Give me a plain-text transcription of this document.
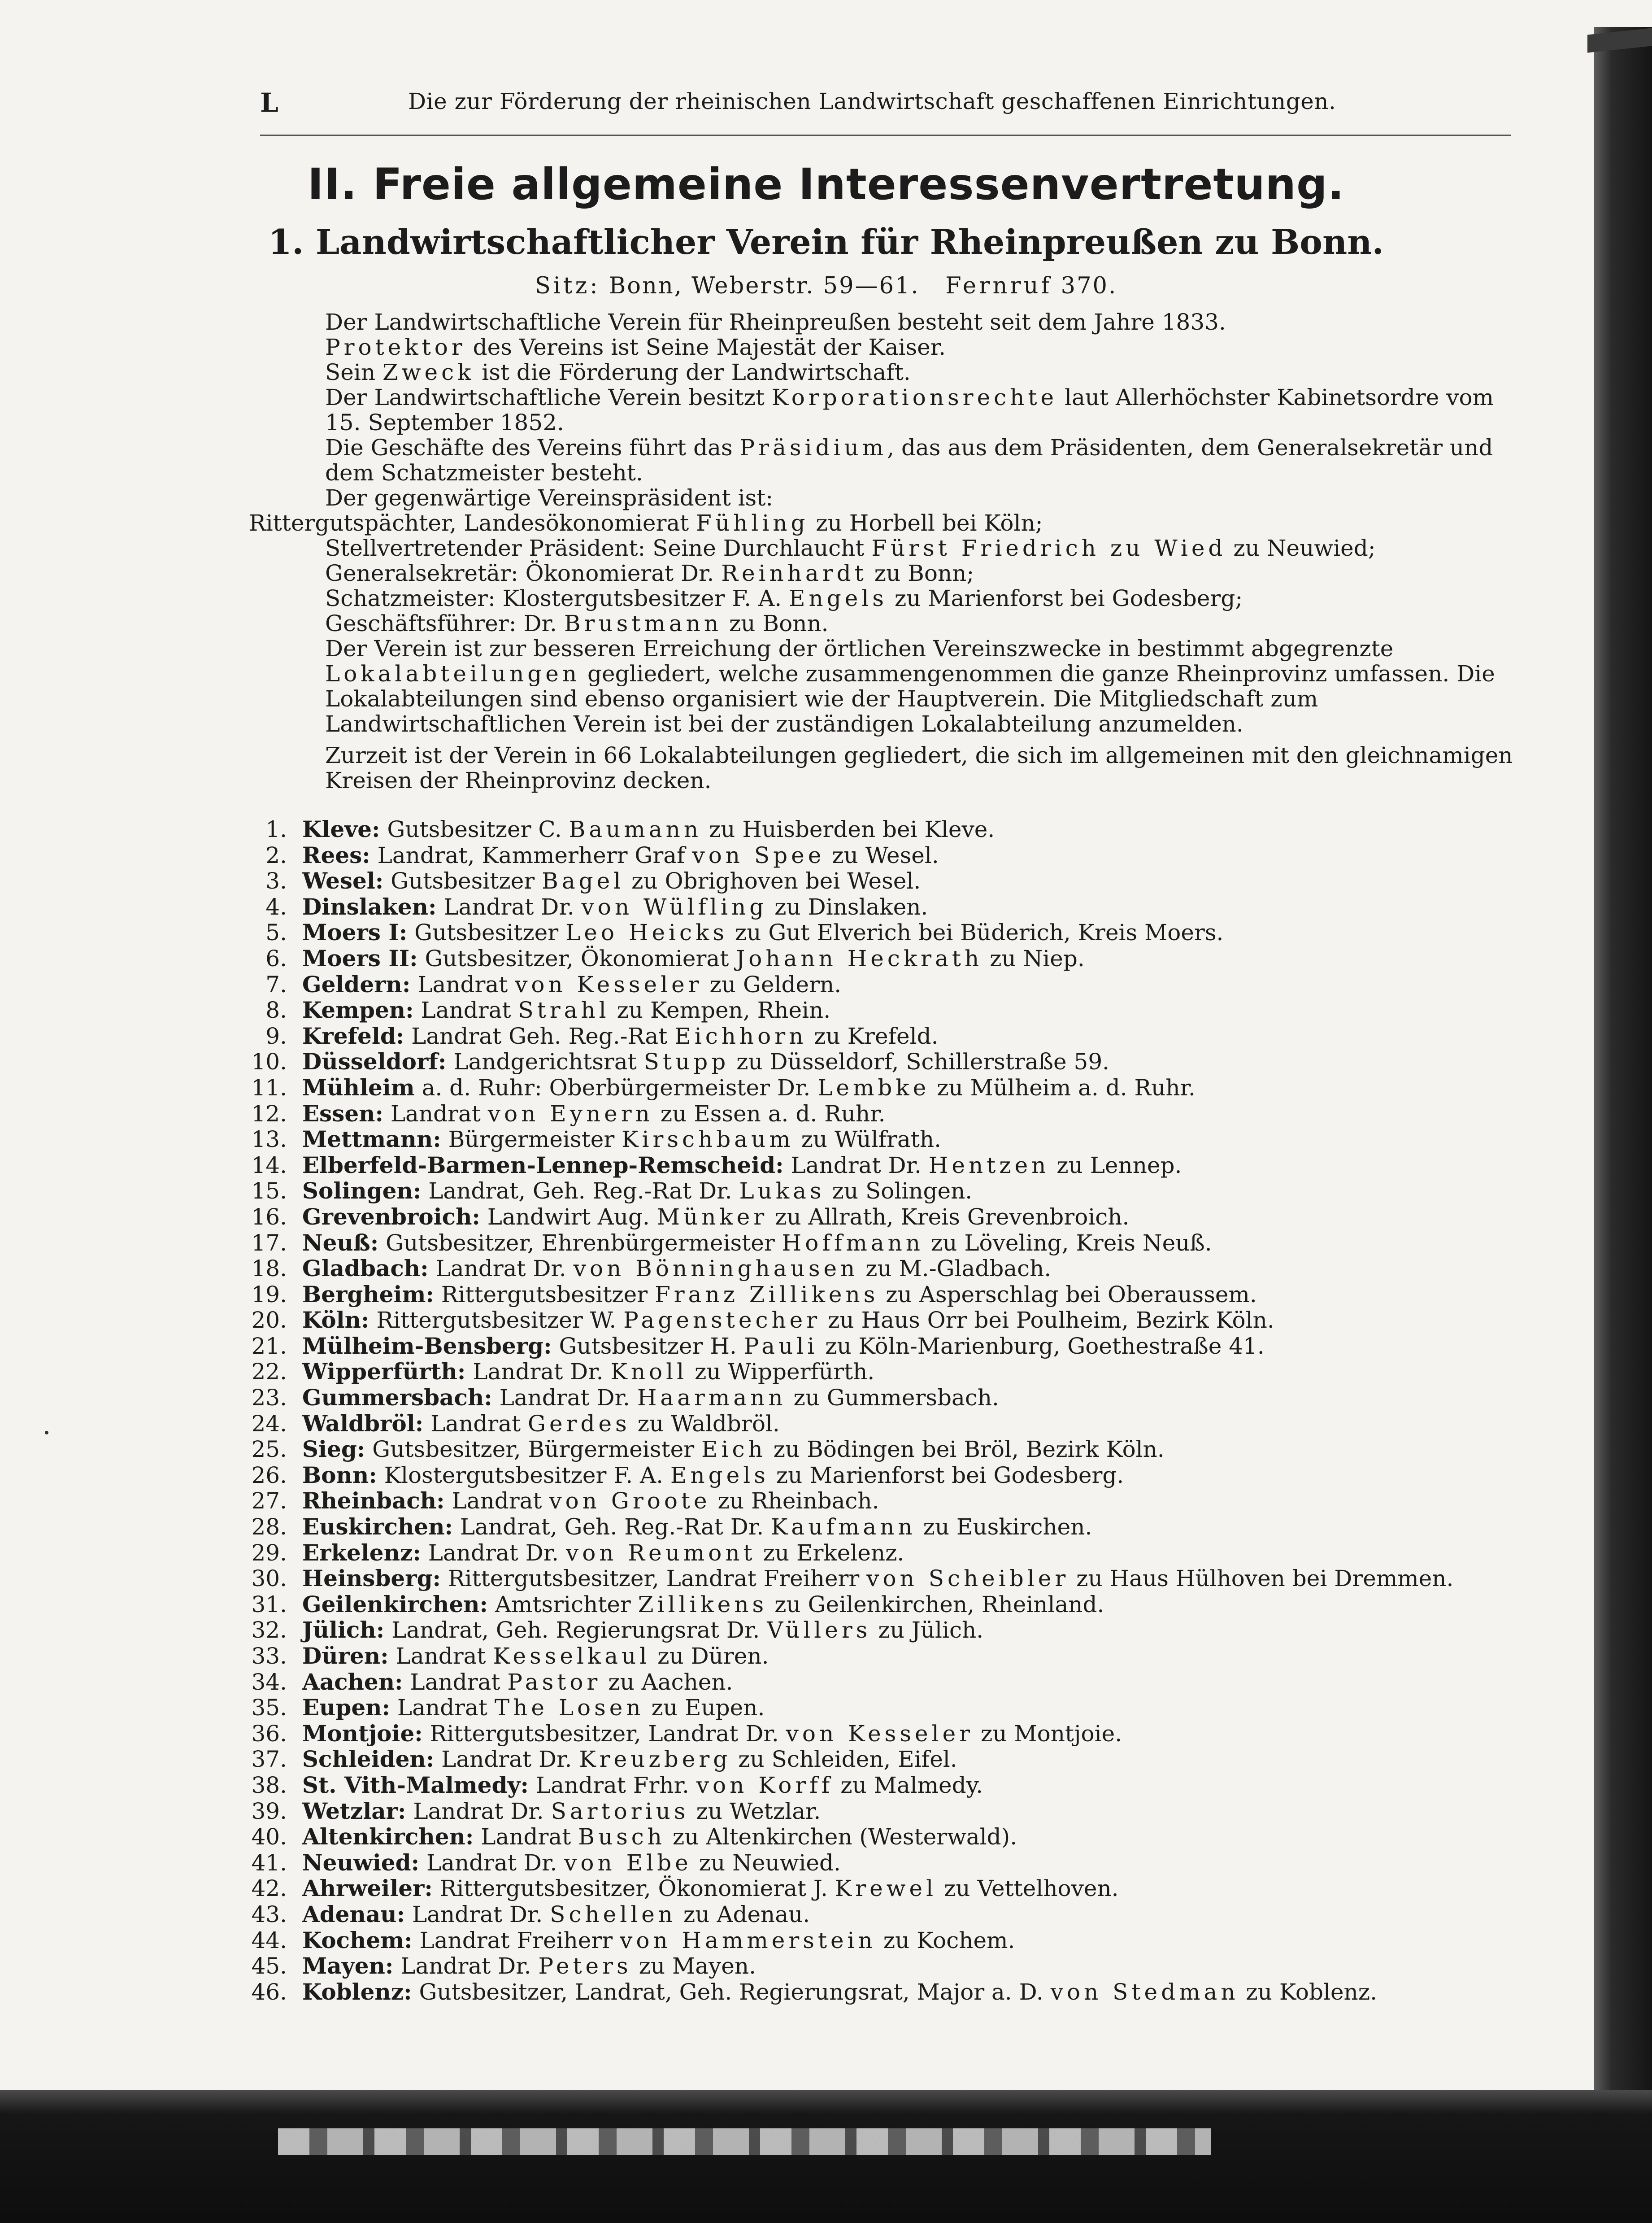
L	Die zur Förderung der rheinischen Landwirtschaft geschaffenen Einrichtungen.
II. Freie allgemeine Interessenvertretung.
1. Landwirtschaftlicher Verein für Rheinpreußen zu Bonn.
Sitz: Bonn, Weberstr. 59—61. Fernruf 370.
Der Landwirtschaftliche Verein für Rheinpreußen besteht seit dem Jahre 1833.
Protektor des Vereins ist Seine Majestät der Kaiser.
Sein Zweck ist die Förderung der Landwirtschaft.
Der Landwirtschaftliche Verein besitzt Korporationsrechte laut Allerhöchster Kabinetsordre vom 15. September 1852.
Die Geschäfte des Vereins führt das Präsidium, das aus dem Präsidenten, dem Generalsekretär und dem Schatzmeister besteht.
Der gegenwärtige Vereinspräsident ist:
Rittergutspächter, Landesökonomierat Fühling zu Horbell bei Köln;
Stellvertretender Präsident: Seine Durchlaucht Fürst Friedrich zu Wied zu Neuwied;
Generalsekretär: Ökonomierat Dr. Reinhardt zu Bonn;
Schatzmeister: Klostergutsbesitzer F. A. Engels zu Marienforst bei Godesberg;
Geschäftsführer: Dr. Brustmann zu Bonn.
Der Verein ist zur besseren Erreichung der örtlichen Vereinszwecke in bestimmt abgegrenzte Lokalabteilungen gegliedert, welche zusammengenommen die ganze Rheinprovinz umfassen. Die Lokalabteilungen sind ebenso organisiert wie der Hauptverein. Die Mitgliedschaft zum Landwirtschaftlichen Verein ist bei der zuständigen Lokalabteilung anzumelden.
Zurzeit ist der Verein in 66 Lokalabteilungen gegliedert, die sich im allgemeinen mit den gleichnamigen Kreisen der Rheinprovinz decken.
1. Kleve: Gutsbesitzer C. Baumann zu Huisberden bei Kleve.
2. Rees: Landrat, Kammerherr Graf von Spee zu Wesel.
3. Wesel: Gutsbesitzer Bagel zu Obrighoven bei Wesel.
4. Dinslaken: Landrat Dr. von Wülfling zu Dinslaken.
5. Moers I: Gutsbesitzer Leo Heicks zu Gut Elverich bei Büderich, Kreis Moers.
6. Moers II: Gutsbesitzer, Ökonomierat Johann Heckrath zu Niep.
7. Geldern: Landrat von Kesseler zu Geldern.
8. Kempen: Landrat Strahl zu Kempen, Rhein.
9. Krefeld: Landrat Geh. Reg.-Rat Eichhorn zu Krefeld.
10. Düsseldorf: Landgerichtsrat Stupp zu Düsseldorf, Schillerstraße 59.
11. Mühleim a. d. Ruhr: Oberbürgermeister Dr. Lembke zu Mülheim a. d. Ruhr.
12. Essen: Landrat von Eynern zu Essen a. d. Ruhr.
13. Mettmann: Bürgermeister Kirschbaum zu Wülfrath.
14. Elberfeld-Barmen-Lennep-Remscheid: Landrat Dr. Hentzen zu Lennep.
15. Solingen: Landrat, Geh. Reg.-Rat Dr. Lukas zu Solingen.
16. Grevenbroich: Landwirt Aug. Münker zu Allrath, Kreis Grevenbroich.
17. Neuß: Gutsbesitzer, Ehrenbürgermeister Hoffmann zu Löveling, Kreis Neuß.
18. Gladbach: Landrat Dr. von Bönninghausen zu M.-Gladbach.
19. Bergheim: Rittergutsbesitzer Franz Zillikens zu Asperschlag bei Oberaussem.
20. Köln: Rittergutsbesitzer W. Pagenstecher zu Haus Orr bei Poulheim, Bezirk Köln.
21. Mülheim-Bensberg: Gutsbesitzer H. Pauli zu Köln-Marienburg, Goethestraße 41.
22. Wipperfürth: Landrat Dr. Knoll zu Wipperfürth.
23. Gummersbach: Landrat Dr. Haarmann zu Gummersbach.
24. Waldbröl: Landrat Gerdes zu Waldbröl.
25. Sieg: Gutsbesitzer, Bürgermeister Eich zu Bödingen bei Bröl, Bezirk Köln.
26. Bonn: Klostergutsbesitzer F. A. Engels zu Marienforst bei Godesberg.
27. Rheinbach: Landrat von Groote zu Rheinbach.
28. Euskirchen: Landrat, Geh. Reg.-Rat Dr. Kaufmann zu Euskirchen.
29. Erkelenz: Landrat Dr. von Reumont zu Erkelenz.
30. Heinsberg: Rittergutsbesitzer, Landrat Freiherr von Scheibler zu Haus Hülhoven bei Dremmen.
31. Geilenkirchen: Amtsrichter Zillikens zu Geilenkirchen, Rheinland.
32. Jülich: Landrat, Geh. Regierungsrat Dr. Vüllers zu Jülich.
33. Düren: Landrat Kesselkaul zu Düren.
34. Aachen: Landrat Pastor zu Aachen.
35. Eupen: Landrat The Losen zu Eupen.
36. Montjoie: Rittergutsbesitzer, Landrat Dr. von Kesseler zu Montjoie.
37. Schleiden: Landrat Dr. Kreuzberg zu Schleiden, Eifel.
38. St. Vith-Malmedy: Landrat Frhr. von Korff zu Malmedy.
39. Wetzlar: Landrat Dr. Sartorius zu Wetzlar.
40. Altenkirchen: Landrat Busch zu Altenkirchen (Westerwald).
41. Neuwied: Landrat Dr. von Elbe zu Neuwied.
42. Ahrweiler: Rittergutsbesitzer, Ökonomierat J. Krewel zu Vettelhoven.
43. Adenau: Landrat Dr. Schellen zu Adenau.
44. Kochem: Landrat Freiherr von Hammerstein zu Kochem.
45. Mayen: Landrat Dr. Peters zu Mayen.
46. Koblenz: Gutsbesitzer, Landrat, Geh. Regierungsrat, Major a. D. von Stedman zu Koblenz.
